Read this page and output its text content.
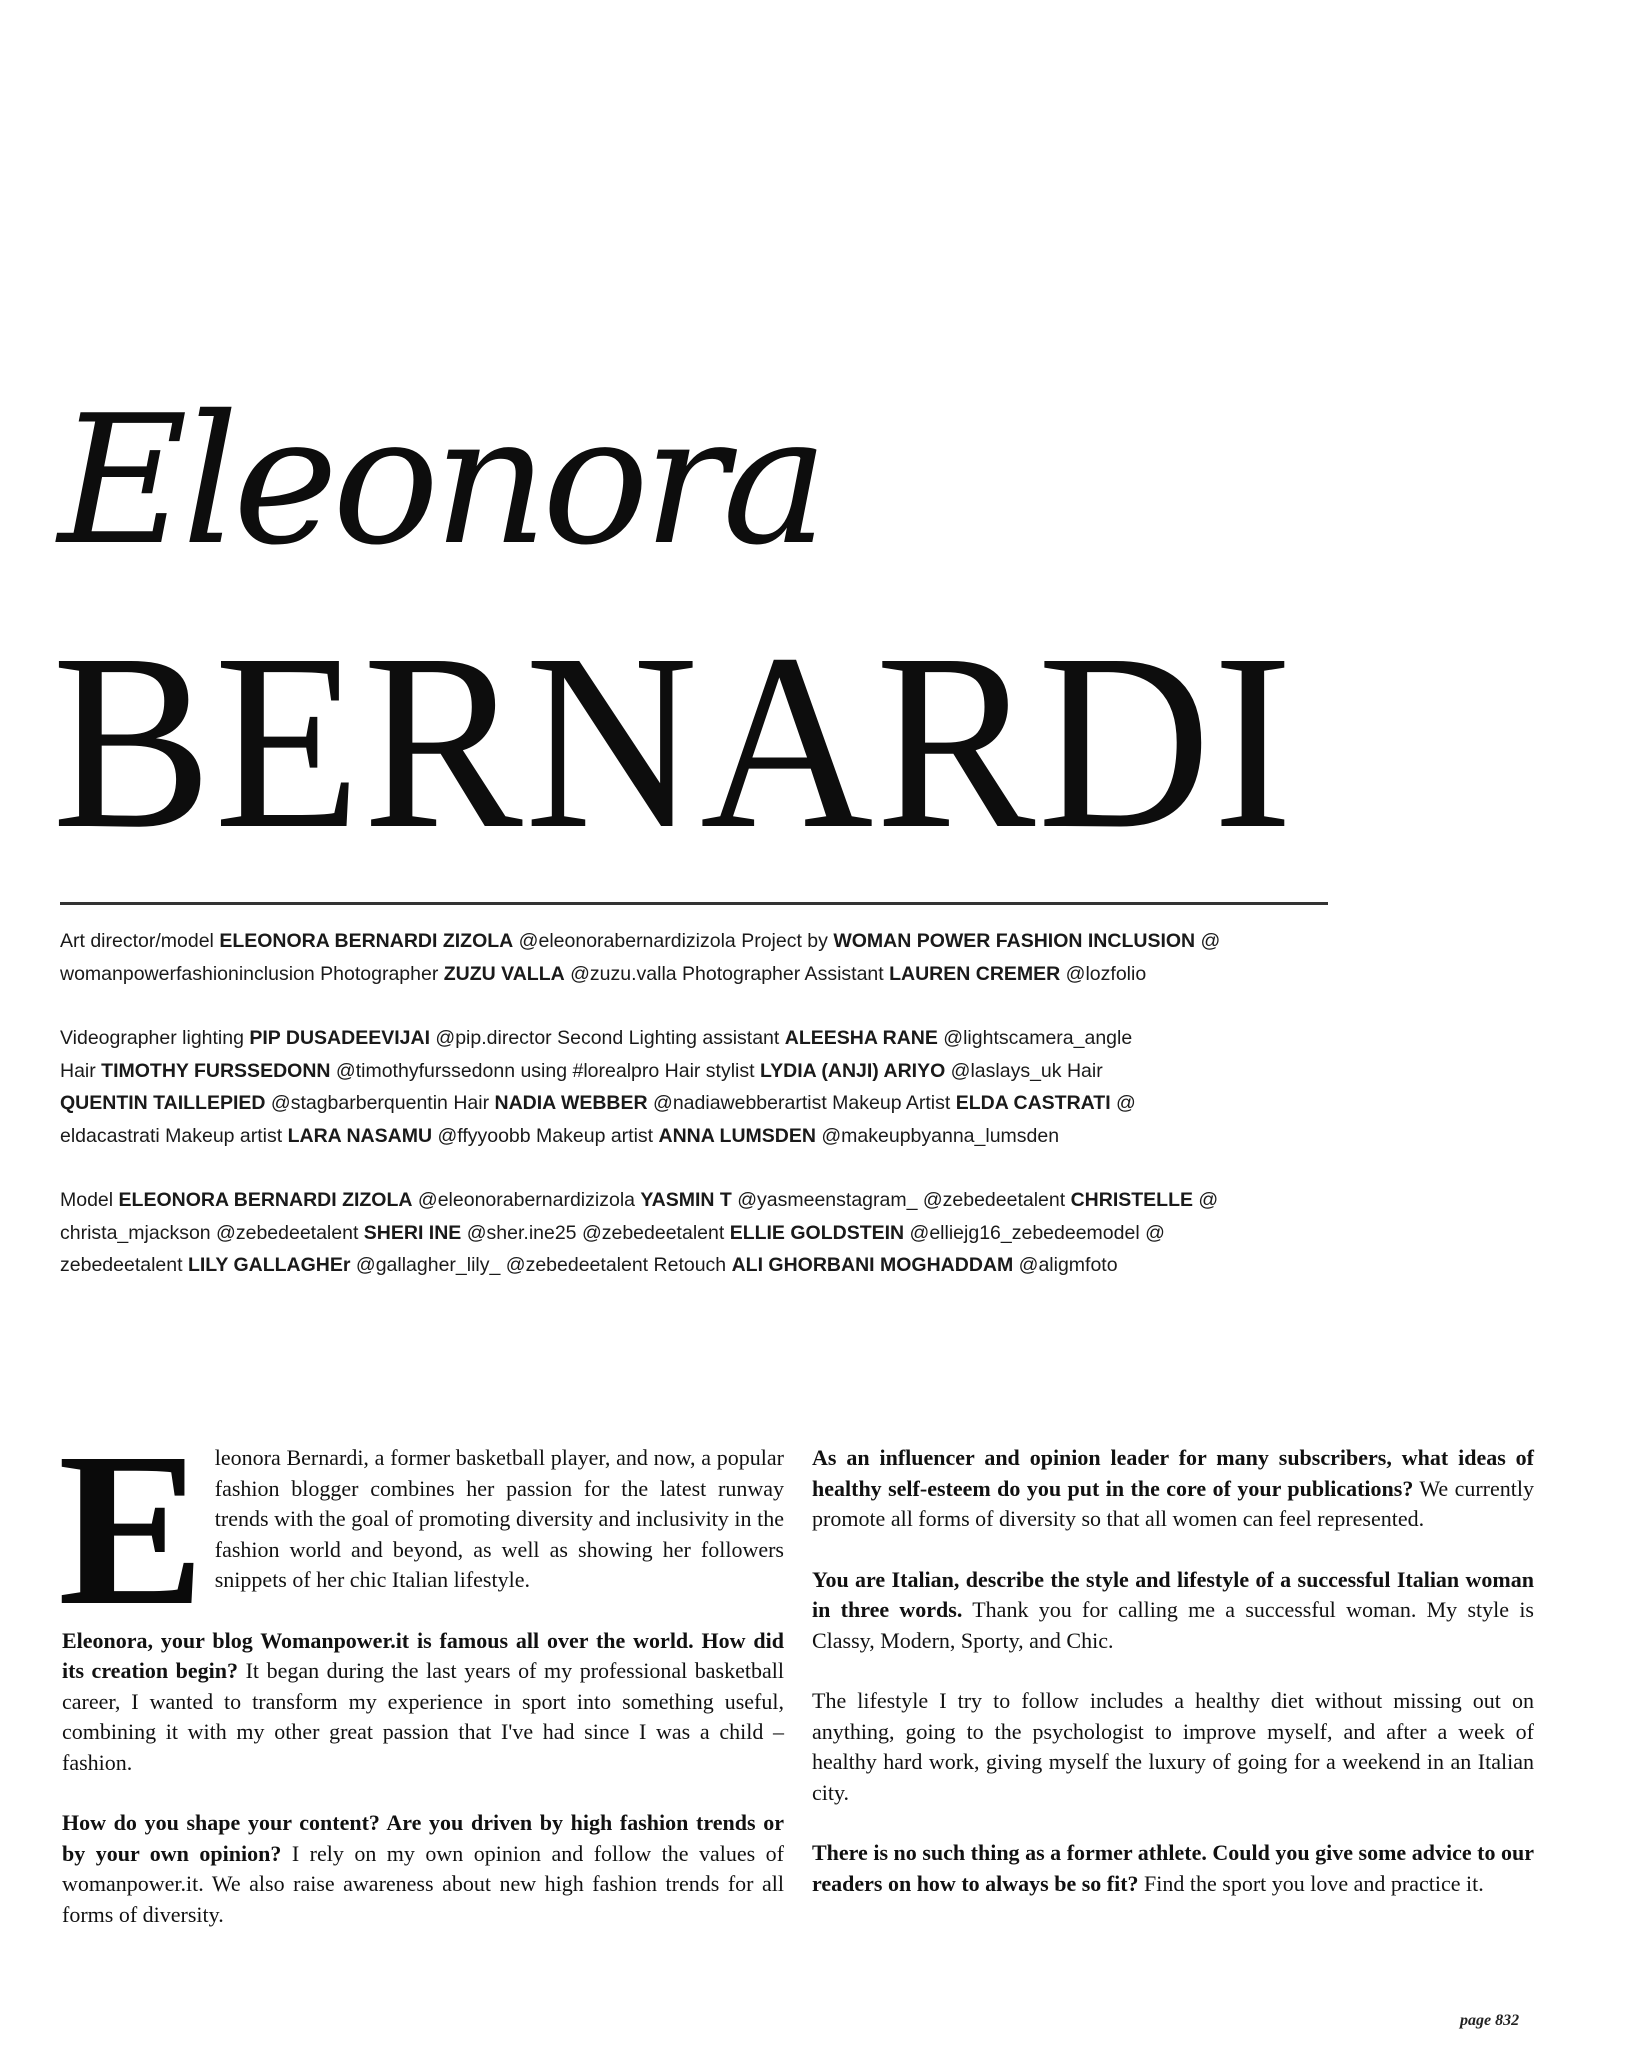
Eleonora
BERNARDI

Art director/model ELEONORA BERNARDI ZIZOLA @eleonorabernardizizola Project by WOMAN POWER FASHION INCLUSION @
womanpowerfashioninclusion Photographer ZUZU VALLA @zuzu.valla Photographer Assistant LAUREN CREMER @lozfolio

Videographer lighting PIP DUSADEEVIJAI @pip.director Second Lighting assistant ALEESHA RANE @lightscamera_angle
Hair TIMOTHY FURSSEDONN @timothyfurssedonn using #lorealpro Hair stylist LYDIA (ANJI) ARIYO @laslays_uk Hair
QUENTIN TAILLEPIED @stagbarberquentin Hair NADIA WEBBER @nadiawebberartist Makeup Artist ELDA CASTRATI @
eldacastrati Makeup artist LARA NASAMU @ffyyoobb Makeup artist ANNA LUMSDEN @makeupbyanna_lumsden

Model ELEONORA BERNARDI ZIZOLA @eleonorabernardizizola YASMIN T @yasmeenstagram_ @zebedeetalent CHRISTELLE @
christa_mjackson @zebedeetalent SHERI INE @sher.ine25 @zebedeetalent ELLIE GOLDSTEIN @elliejg16_zebedeemodel @
zebedeetalent LILY GALLAGHEr @gallagher_lily_ @zebedeetalent Retouch ALI GHORBANI MOGHADDAM @aligmfoto

E leonora Bernardi, a former basketball player, and now, a popular fashion blogger combines her passion for the latest runway trends with the goal of promoting diversity and inclusivity in the fashion world and beyond, as well as showing her followers snippets of her chic Italian lifestyle.

Eleonora, your blog Womanpower.it is famous all over the world. How did its creation begin? It began during the last years of my professional basketball career, I wanted to transform my experience in sport into something useful, combining it with my other great passion that I've had since I was a child – fashion.

How do you shape your content? Are you driven by high fashion trends or by your own opinion? I rely on my own opinion and follow the values of womanpower.it. We also raise awareness about new high fashion trends for all forms of diversity.

As an influencer and opinion leader for many subscribers, what ideas of healthy self-esteem do you put in the core of your publications? We currently promote all forms of diversity so that all women can feel represented.

You are Italian, describe the style and lifestyle of a successful Italian woman in three words. Thank you for calling me a successful woman. My style is Classy, Modern, Sporty, and Chic.

The lifestyle I try to follow includes a healthy diet without missing out on anything, going to the psychologist to improve myself, and after a week of healthy hard work, giving myself the luxury of going for a weekend in an Italian city.

There is no such thing as a former athlete. Could you give some advice to our readers on how to always be so fit? Find the sport you love and practice it.

page 832
